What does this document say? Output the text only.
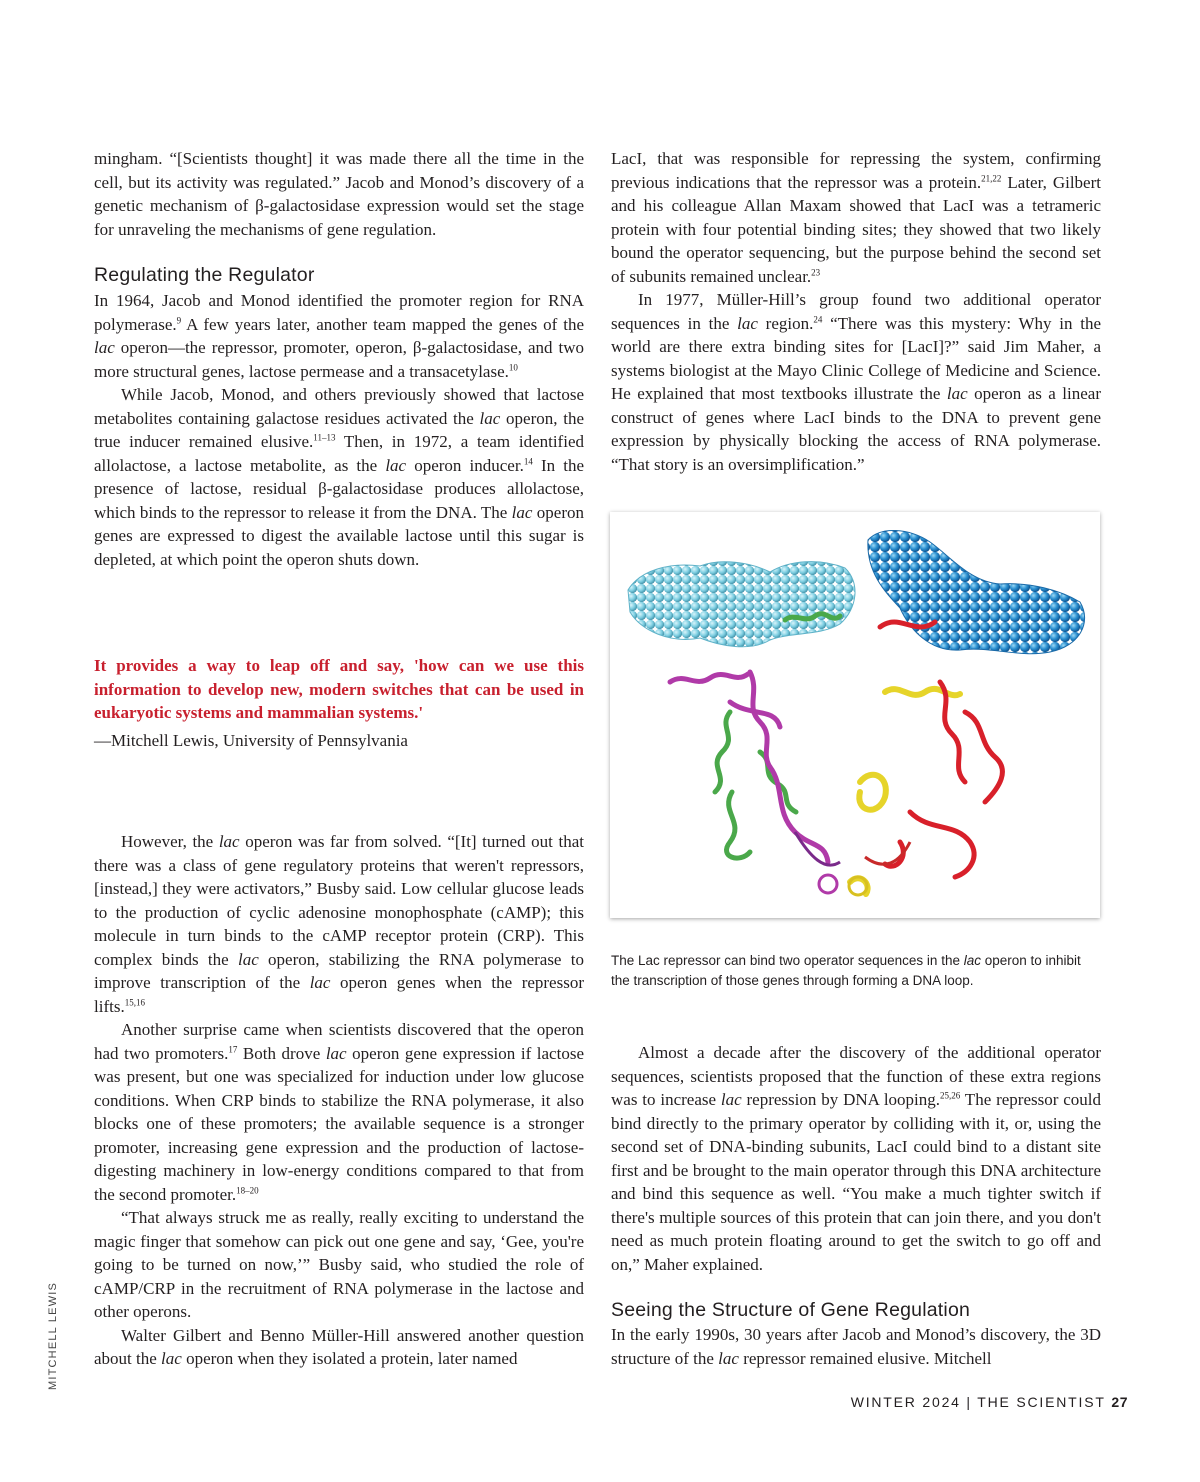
mingham. “[Scientists thought] it was made there all the time in the cell, but its activity was regulated.” Jacob and Monod’s discovery of a genetic mechanism of β-galactosidase expression would set the stage for unraveling the mechanisms of gene regulation.

Regulating the Regulator

In 1964, Jacob and Monod identified the promoter region for RNA polymerase.$^9$ A few years later, another team mapped the genes of the lac operon—the repressor, promoter, operon, β-galactosidase, and two more structural genes, lactose permease and a transacetylase.$^{10}$

While Jacob, Monod, and others previously showed that lactose metabolites containing galactose residues activated the lac operon, the true inducer remained elusive.$^{11-13}$ Then, in 1972, a team identified allolactose, a lactose metabolite, as the lac operon inducer.$^{14}$ In the presence of lactose, residual β-galactosidase produces allolactose, which binds to the repressor to release it from the DNA. The lac operon genes are expressed to digest the available lactose until this sugar is depleted, at which point the operon shuts down.

It provides a way to leap off and say, 'how can we use this information to develop new, modern switches that can be used in eukaryotic systems and mammalian systems.'

—Mitchell Lewis, University of Pennsylvania

However, the lac operon was far from solved. “[It] turned out that there was a class of gene regulatory proteins that weren't repressors, [instead,] they were activators,” Busby said. Low cellular glucose leads to the production of cyclic adenosine monophosphate (cAMP); this molecule in turn binds to the cAMP receptor protein (CRP). This complex binds the lac operon, stabilizing the RNA polymerase to improve transcription of the lac operon genes when the repressor lifts.$^{15,16}$

Another surprise came when scientists discovered that the operon had two promoters.$^{17}$ Both drove lac operon gene expression if lactose was present, but one was specialized for induction under low glucose conditions. When CRP binds to stabilize the RNA polymerase, it also blocks one of these promoters; the available sequence is a stronger promoter, increasing gene expression and the production of lactose-digesting machinery in low-energy conditions compared to that from the second promoter.$^{18-20}$

“That always struck me as really, really exciting to understand the magic finger that somehow can pick out one gene and say, ‘Gee, you're going to be turned on now,’” Busby said, who studied the role of cAMP/CRP in the recruitment of RNA polymerase in the lactose and other operons.

Walter Gilbert and Benno Müller-Hill answered another question about the lac operon when they isolated a protein, later named

LacI, that was responsible for repressing the system, confirming previous indications that the repressor was a protein.$^{21,22}$ Later, Gilbert and his colleague Allan Maxam showed that LacI was a tetrameric protein with four potential binding sites; they showed that two likely bound the operator sequencing, but the purpose behind the second set of subunits remained unclear.$^{23}$

In 1977, Müller-Hill’s group found two additional operator sequences in the lac region.$^{24}$ “There was this mystery: Why in the world are there extra binding sites for [LacI]?” said Jim Maher, a systems biologist at the Mayo Clinic College of Medicine and Science. He explained that most textbooks illustrate the lac operon as a linear construct of genes where LacI binds to the DNA to prevent gene expression by physically blocking the access of RNA polymerase. “That story is an oversimplification.”

The Lac repressor can bind two operator sequences in the lac operon to inhibit the transcription of those genes through forming a DNA loop.

Almost a decade after the discovery of the additional operator sequences, scientists proposed that the function of these extra regions was to increase lac repression by DNA looping.$^{25,26}$ The repressor could bind directly to the primary operator by colliding with it, or, using the second set of DNA-binding subunits, LacI could bind to a distant site first and be brought to the main operator through this DNA architecture and bind this sequence as well. “You make a much tighter switch if there's multiple sources of this protein that can join there, and you don't need as much protein floating around to get the switch to go off and on,” Maher explained.

Seeing the Structure of Gene Regulation

In the early 1990s, 30 years after Jacob and Monod’s discovery, the 3D structure of the lac repressor remained elusive. Mitchell

MITCHELL LEWIS
WINTER 2024 | THE SCIENTIST 27
